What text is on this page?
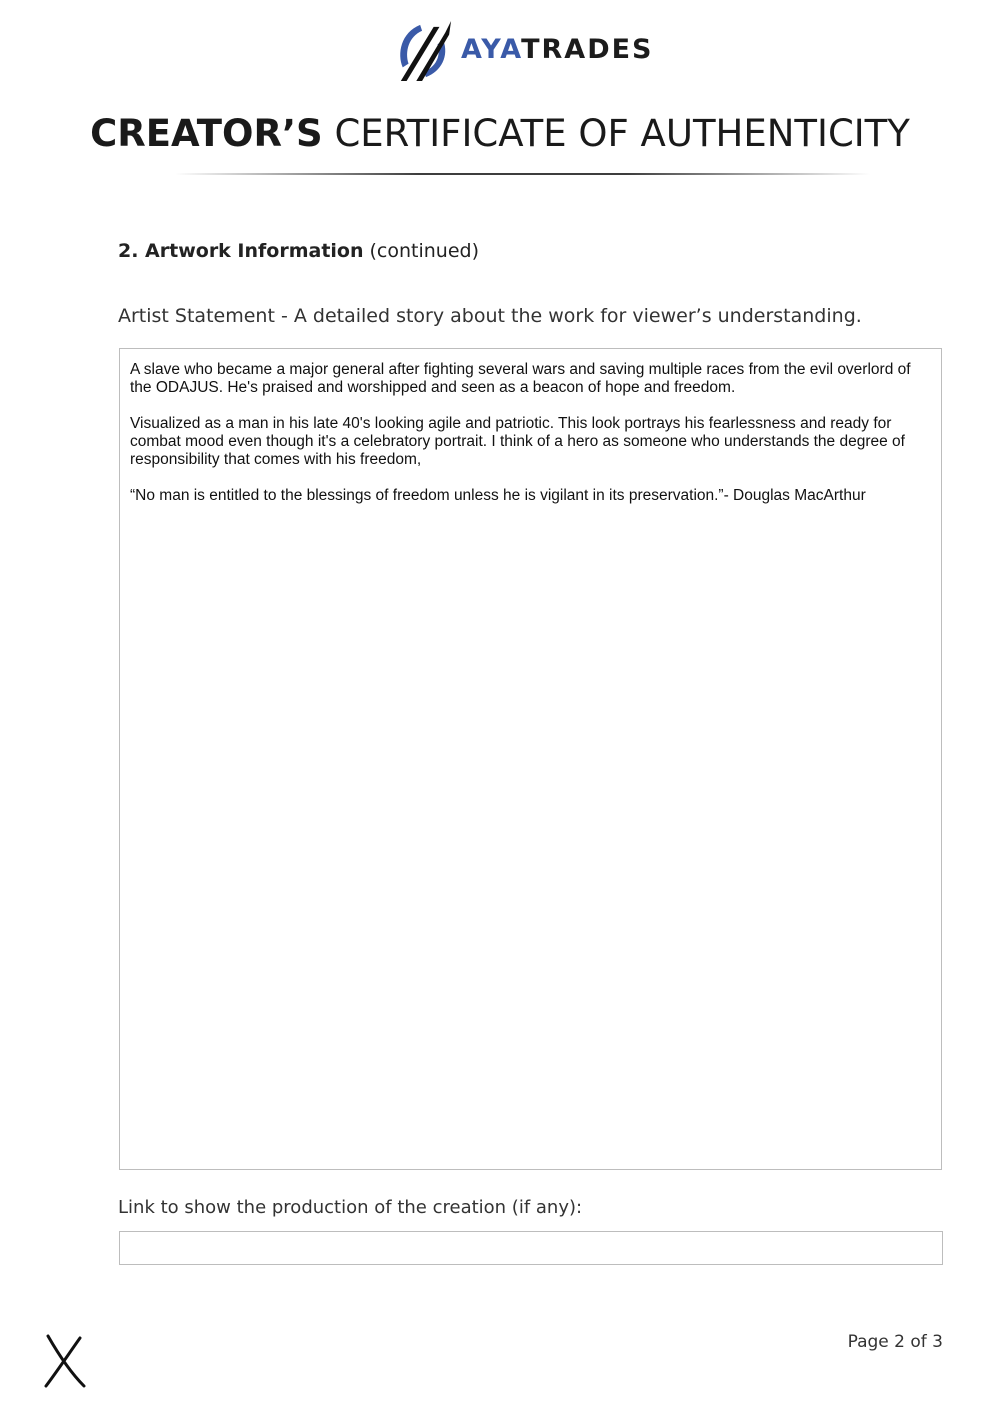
AYATRADES
CREATOR’S CERTIFICATE OF AUTHENTICITY
2. Artwork Information (continued)
Artist Statement - A detailed story about the work for viewer’s understanding.

A slave who became a major general after fighting several wars and saving multiple races from the evil overlord of the ODAJUS. He's praised and worshipped and seen as a beacon of hope and freedom.

Visualized as a man in his late 40's looking agile and patriotic. This look portrays his fearlessness and ready for combat mood even though it's a celebratory portrait. I think of a hero as someone who understands the degree of responsibility that comes with his freedom,

“No man is entitled to the blessings of freedom unless he is vigilant in its preservation.”- Douglas MacArthur

Link to show the production of the creation (if any):
Page 2 of 3
